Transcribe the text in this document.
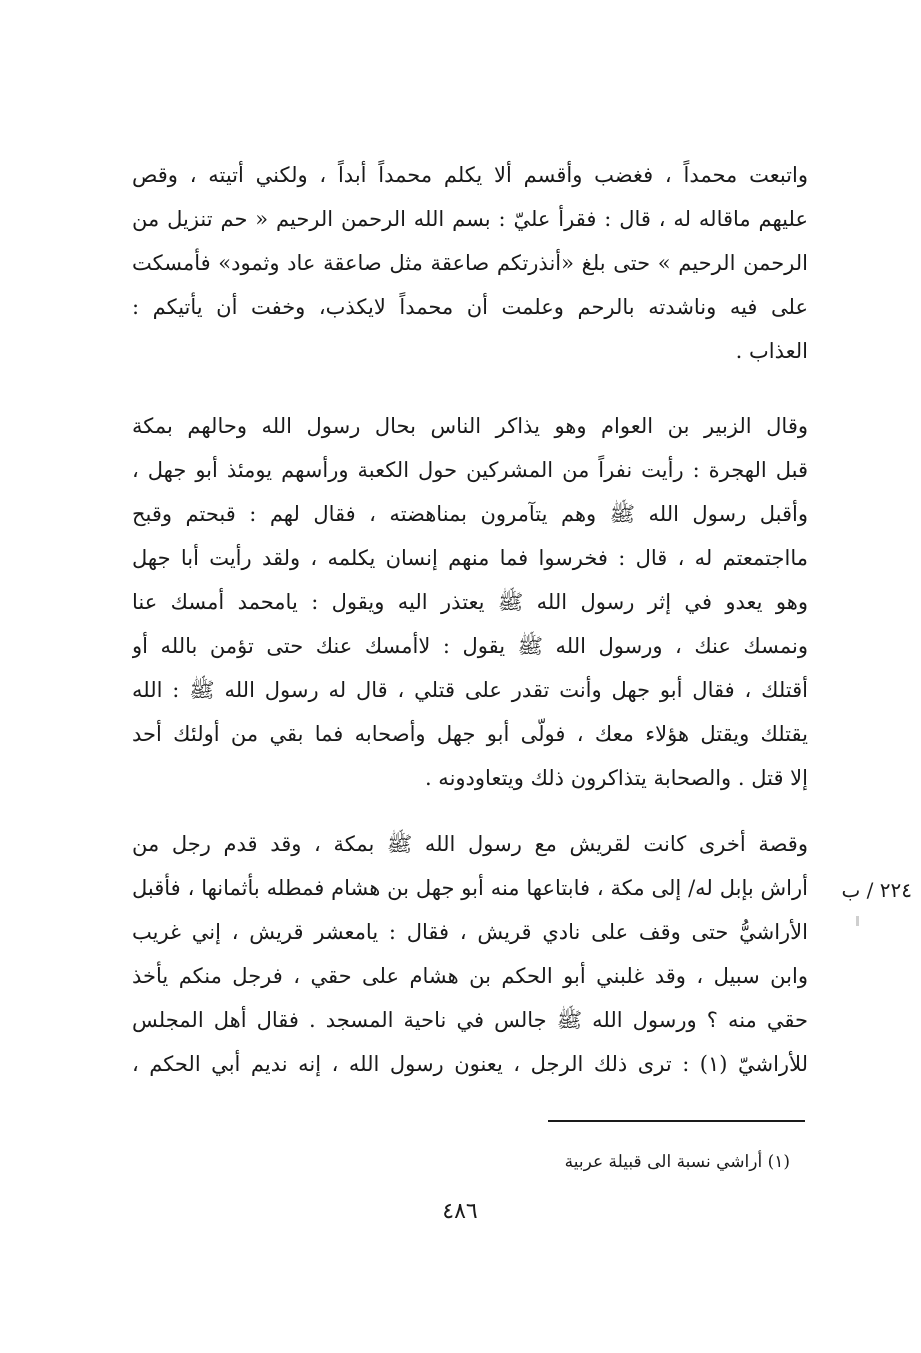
واتبعت محمداً ، فغضب وأقسم ألا يكلم محمداً أبداً ، ولكني أتيته ، وقص
عليهم ماقاله له ، قال : فقرأ عليّ : بسم الله الرحمن الرحيم « حم تنزيل من
الرحمن الرحيم » حتى بلغ «أنذرتكم صاعقة مثل صاعقة عاد وثمود» فأمسكت
على فيه وناشدته بالرحم وعلمت أن محمداً لايكذب، وخفت أن يأتيكم :
العذاب .
وقال الزبير بن العوام وهو يذاكر الناس بحال رسول الله وحالهم بمكة
قبل الهجرة : رأيت نفراً من المشركين حول الكعبة ورأسهم يومئذ أبو جهل ،
وأقبل رسول الله ﷺ وهم يتآمرون بمناهضته ، فقال لهم : قبحتم وقبح
مااجتمعتم له ، قال : فخرسوا فما منهم إنسان يكلمه ، ولقد رأيت أبا جهل
وهو يعدو في إثر رسول الله ﷺ يعتذر اليه ويقول : يامحمد أمسك عنا
ونمسك عنك ، ورسول الله ﷺ يقول : لاأمسك عنك حتى تؤمن بالله أو
أقتلك ، فقال أبو جهل وأنت تقدر على قتلي ، قال له رسول الله ﷺ : الله
يقتلك ويقتل هؤلاء معك ، فولّى أبو جهل وأصحابه فما بقي من أولئك أحد
إلا قتل . والصحابة يتذاكرون ذلك ويتعاودونه .
وقصة أخرى كانت لقريش مع رسول الله ﷺ بمكة ، وقد قدم رجل من
أراش بإبل له/ إلى مكة ، فابتاعها منه أبو جهل بن هشام فمطله بأثمانها ، فأقبل
الأراشيُّ حتى وقف على نادي قريش ، فقال : يامعشر قريش ، إني غريب
وابن سبيل ، وقد غلبني أبو الحكم بن هشام على حقي ، فرجل منكم يأخذ
حقي منه ؟ ورسول الله ﷺ جالس في ناحية المسجد . فقال أهل المجلس
للأراشيّ (١) : ترى ذلك الرجل ، يعنون رسول الله ، إنه نديم أبي الحكم ،
٢٢٤ / ب
(١) أراشي نسبة الى قبيلة عربية
٤٨٦
